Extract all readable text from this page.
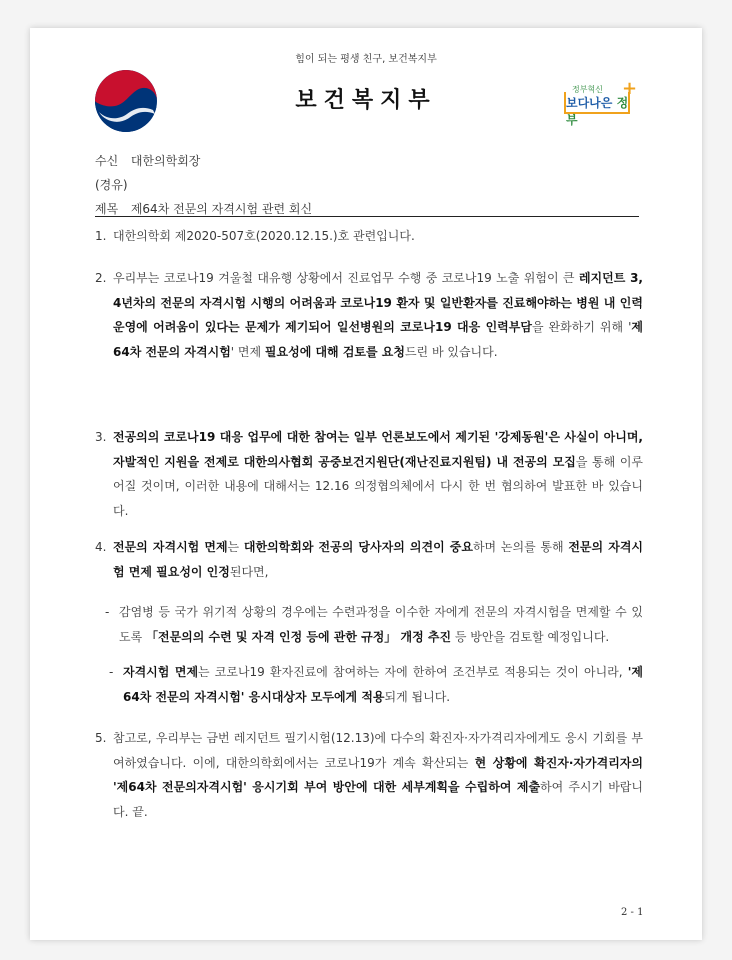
힘이 되는 평생 친구, 보건복지부
보건복지부	정부혁신
보다나은 정부
+
수신 대한의학회장
(경유)
제목 제64차 전문의 자격시험 관련 회신
1. 대한의학회 제2020-507호(2020.12.15.)호 관련입니다.
2. 우리부는 코로나19 겨울철 대유행 상황에서 진료업무 수행 중 코로나19 노출 위험이 큰 레지던트 3, 4년차의 전문의 자격시험 시행의 어려움과 코로나19 환자 및 일반환자를 진료해야하는 병원 내 인력 운영에 어려움이 있다는 문제가 제기되어 일선병원의 코로나19 대응 인력부담을 완화하기 위해 '제64차 전문의 자격시험' 면제 필요성에 대해 검토를 요청드린 바 있습니다.
3. 전공의의 코로나19 대응 업무에 대한 참여는 일부 언론보도에서 제기된 '강제동원'은 사실이 아니며, 자발적인 지원을 전제로 대한의사협회 공중보건지원단(재난진료지원팀) 내 전공의 모집을 통해 이루어질 것이며, 이러한 내용에 대해서는 12.16 의정협의체에서 다시 한 번 협의하여 발표한 바 있습니다.
4. 전문의 자격시험 면제는 대한의학회와 전공의 당사자의 의견이 중요하며 논의를 통해 전문의 자격시험 면제 필요성이 인정된다면,
- 감염병 등 국가 위기적 상황의 경우에는 수련과정을 이수한 자에게 전문의 자격시험을 면제할 수 있도록 「전문의의 수련 및 자격 인정 등에 관한 규정」 개정 추진 등 방안을 검토할 예정입니다.
- 자격시험 면제는 코로나19 환자진료에 참여하는 자에 한하여 조건부로 적용되는 것이 아니라, '제64차 전문의 자격시험' 응시대상자 모두에게 적용되게 됩니다.
5. 참고로, 우리부는 금번 레지던트 필기시험(12.13)에 다수의 확진자·자가격리자에게도 응시 기회를 부여하였습니다. 이에, 대한의학회에서는 코로나19가 계속 확산되는 현 상황에 확진자·자가격리자의 '제64차 전문의자격시험' 응시기회 부여 방안에 대한 세부계획을 수립하여 제출하여 주시기 바랍니다. 끝.
2 - 1
